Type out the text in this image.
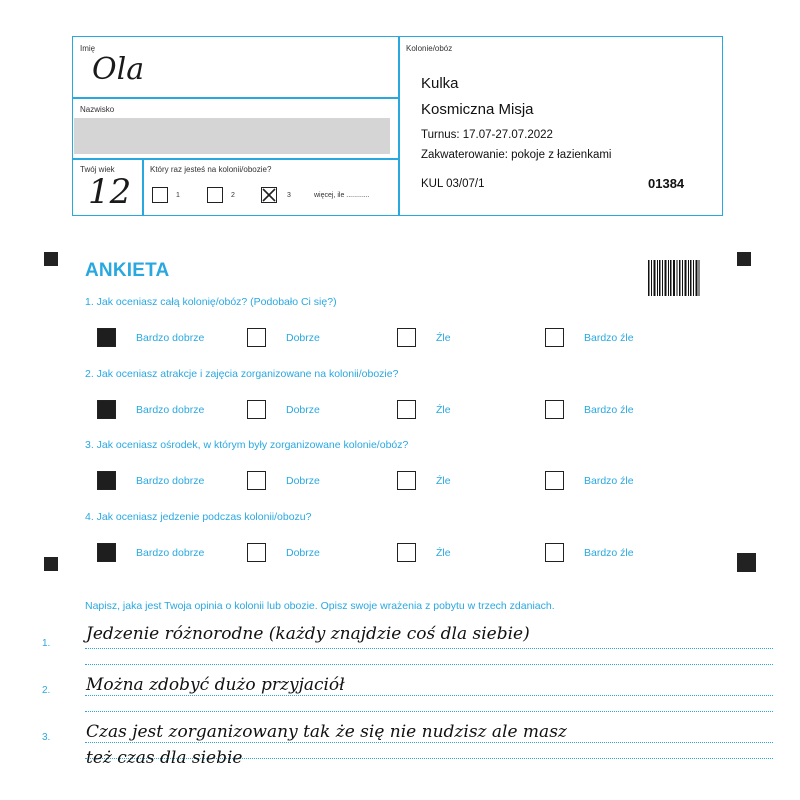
Imię
Ola
Nazwisko
Twój wiek
12
Który raz jesteś na kolonii/obozie?
1	2	3	więcej, ile ............
Kolonie/obóz
Kulka
Kosmiczna Misja
Turnus: 17.07-27.07.2022
Zakwaterowanie: pokoje z łazienkami
KUL 03/07/1	01384
ANKIETA
1. Jak oceniasz całą kolonię/obóz? (Podobało Ci się?)
Bardzo dobrze	Dobrze	Źle	Bardzo źle
2. Jak oceniasz atrakcje i zajęcia zorganizowane na kolonii/obozie?
Bardzo dobrze	Dobrze	Źle	Bardzo źle
3. Jak oceniasz ośrodek, w którym były zorganizowane kolonie/obóz?
Bardzo dobrze	Dobrze	Źle	Bardzo źle
4. Jak oceniasz jedzenie podczas kolonii/obozu?
Bardzo dobrze	Dobrze	Źle	Bardzo źle
Napisz, jaka jest Twoja opinia o kolonii lub obozie. Opisz swoje wrażenia z pobytu w trzech zdaniach.
1.
2.
3.
Jedzenie różnorodne (każdy znajdzie coś dla siebie)
Można zdobyć dużo przyjaciół
Czas jest zorganizowany tak że się nie nudzisz ale masz
też czas dla siebie
